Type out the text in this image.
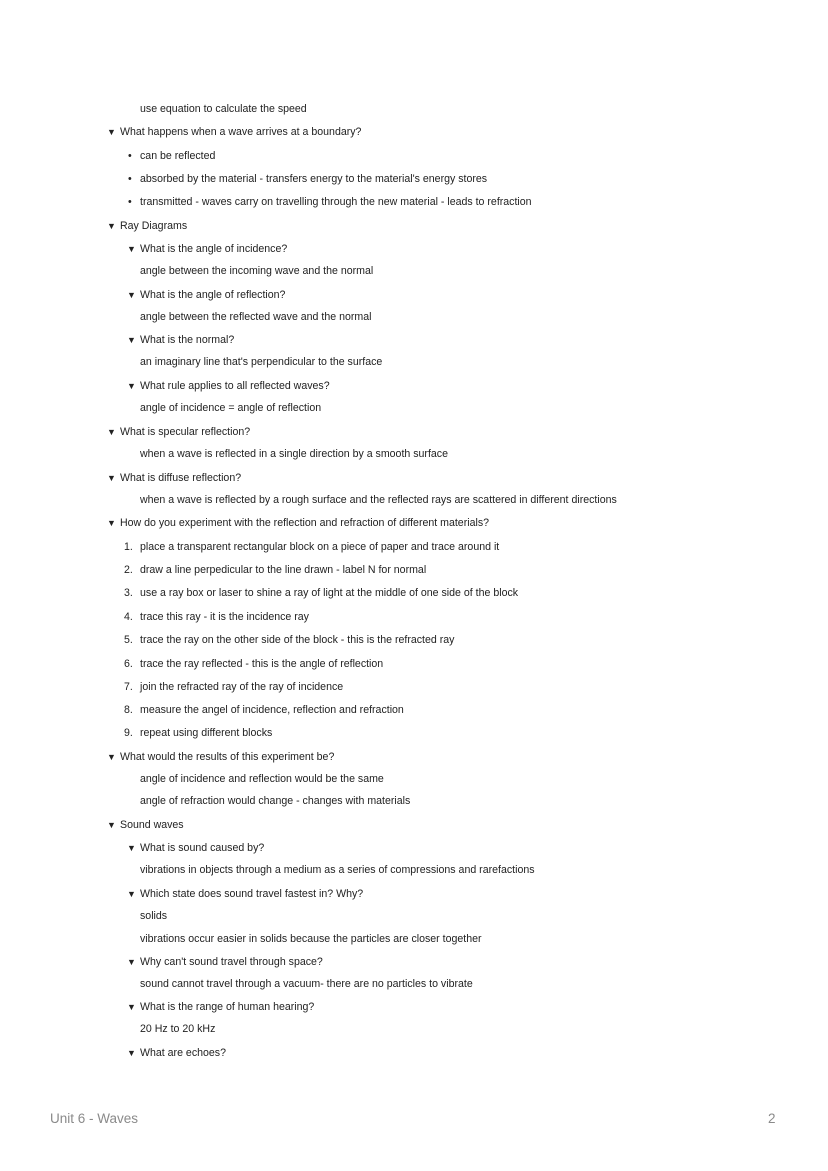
use equation to calculate the speed
▼ What happens when a wave arrives at a boundary?
• can be reflected
• absorbed by the material - transfers energy to the material's energy stores
• transmitted - waves carry on travelling through the new material - leads to refraction
▼ Ray Diagrams
▼ What is the angle of incidence?
angle between the incoming wave and the normal
▼ What is the angle of reflection?
angle between the reflected wave and the normal
▼ What is the normal?
an imaginary line that's perpendicular to the surface
▼ What rule applies to all reflected waves?
angle of incidence = angle of reflection
▼ What is specular reflection?
when a wave is reflected in a single direction by a smooth surface
▼ What is diffuse reflection?
when a wave is reflected by a rough surface and the reflected rays are scattered in different directions
▼ How do you experiment with the reflection and refraction of different materials?
1. place a transparent rectangular block on a piece of paper and trace around it
2. draw a line perpedicular to the line drawn - label N for normal
3. use a ray box or laser to shine a ray of light at the middle of one side of the block
4. trace this ray - it is the incidence ray
5. trace the ray on the other side of the block - this is the refracted ray
6. trace the ray reflected - this is the angle of reflection
7. join the refracted ray of the ray of incidence
8. measure the angel of incidence, reflection and refraction
9. repeat using different blocks
▼ What would the results of this experiment be?
angle of incidence and reflection would be the same
angle of refraction would change - changes with materials
▼ Sound waves
▼ What is sound caused by?
vibrations in objects through a medium as a series of compressions and rarefactions
▼ Which state does sound travel fastest in? Why?
solids
vibrations occur easier in solids because the particles are closer together
▼ Why can't sound travel through space?
sound cannot travel through a vacuum- there are no particles to vibrate
▼ What is the range of human hearing?
20 Hz to 20 kHz
▼ What are echoes?
Unit 6 - Waves	2
